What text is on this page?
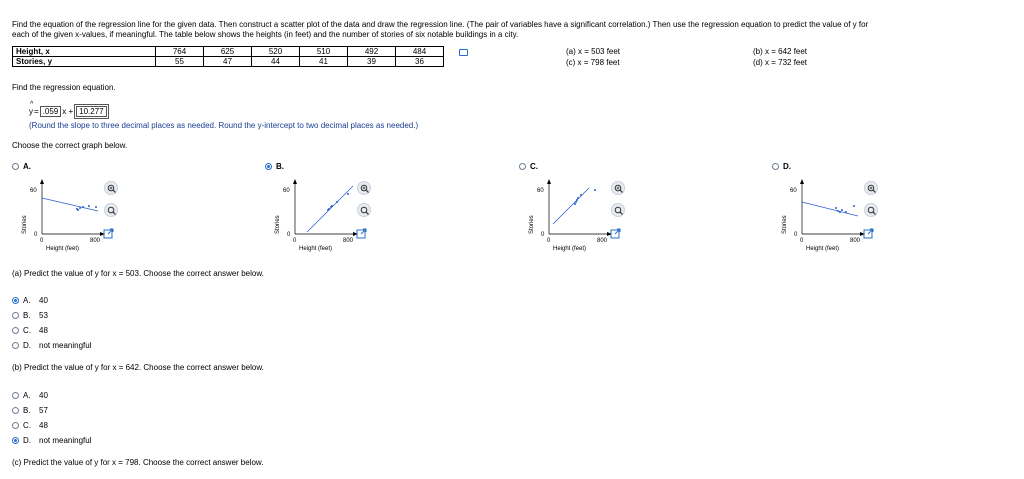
Find the equation of the regression line for the given data. Then construct a scatter plot of the data and draw the regression line. (The pair of variables have a significant correlation.) Then use the regression equation to predict the value of y for
each of the given x-values, if meaningful. The table below shows the heights (in feet) and the number of stories of six notable buildings in a city.
Height, x	764	625	520	510	492	484
Stories, y	55	47	44	41	39	36
(a) x = 503 feet
(c) x = 798 feet
(b) x = 642 feet
(d) x = 732 feet
Find the regression equation.
^
y = .059 x + 10.277
(Round the slope to three decimal places as needed. Round the y-intercept to two decimal places as needed.)
Choose the correct graph below.
A.	B.	C.	D.
Stories
60
0
0	800
Height (feet)
Stories
60
0
0	800
Height (feet)
Stories
60
0
0	800
Height (feet)
Stories
60
0
0	800
Height (feet)
(a) Predict the value of y for x = 503. Choose the correct answer below.
A.	40
B.	53
C.	48
D.	not meaningful
(b) Predict the value of y for x = 642. Choose the correct answer below.
A.	40
B.	57
C.	48
D.	not meaningful
(c) Predict the value of y for x = 798. Choose the correct answer below.
